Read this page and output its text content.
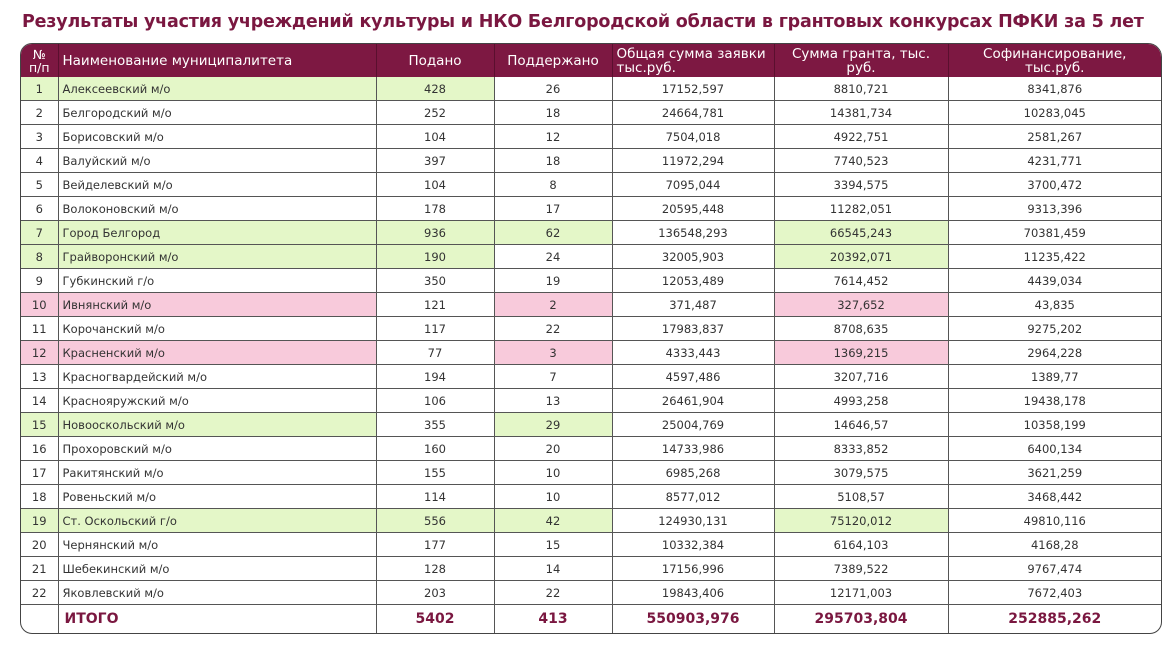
Результаты участия учреждений культуры и НКО Белгородской области в грантовых конкурсах ПФКИ за 5 лет
№
п/п	Наименование муниципалитета	Подано	Поддержано	Общая сумма заявки тыс.руб.	Сумма гранта, тыс. руб.	Софинансирование, тыс.руб.
1	Алексеевский м/о	428	26	17152,597	8810,721	8341,876
2	Белгородский м/о	252	18	24664,781	14381,734	10283,045
3	Борисовский м/о	104	12	7504,018	4922,751	2581,267
4	Валуйский м/о	397	18	11972,294	7740,523	4231,771
5	Вейделевский м/о	104	8	7095,044	3394,575	3700,472
6	Волоконовский м/о	178	17	20595,448	11282,051	9313,396
7	Город Белгород	936	62	136548,293	66545,243	70381,459
8	Грайворонский м/о	190	24	32005,903	20392,071	11235,422
9	Губкинский г/о	350	19	12053,489	7614,452	4439,034
10	Ивнянский м/о	121	2	371,487	327,652	43,835
11	Корочанский м/о	117	22	17983,837	8708,635	9275,202
12	Красненский м/о	77	3	4333,443	1369,215	2964,228
13	Красногвардейский м/о	194	7	4597,486	3207,716	1389,77
14	Краснояружский м/о	106	13	26461,904	4993,258	19438,178
15	Новооскольский м/о	355	29	25004,769	14646,57	10358,199
16	Прохоровский м/о	160	20	14733,986	8333,852	6400,134
17	Ракитянский м/о	155	10	6985,268	3079,575	3621,259
18	Ровеньский м/о	114	10	8577,012	5108,57	3468,442
19	Ст. Оскольский г/о	556	42	124930,131	75120,012	49810,116
20	Чернянский м/о	177	15	10332,384	6164,103	4168,28
21	Шебекинский м/о	128	14	17156,996	7389,522	9767,474
22	Яковлевский м/о	203	22	19843,406	12171,003	7672,403
	ИТОГО	5402	413	550903,976	295703,804	252885,262
